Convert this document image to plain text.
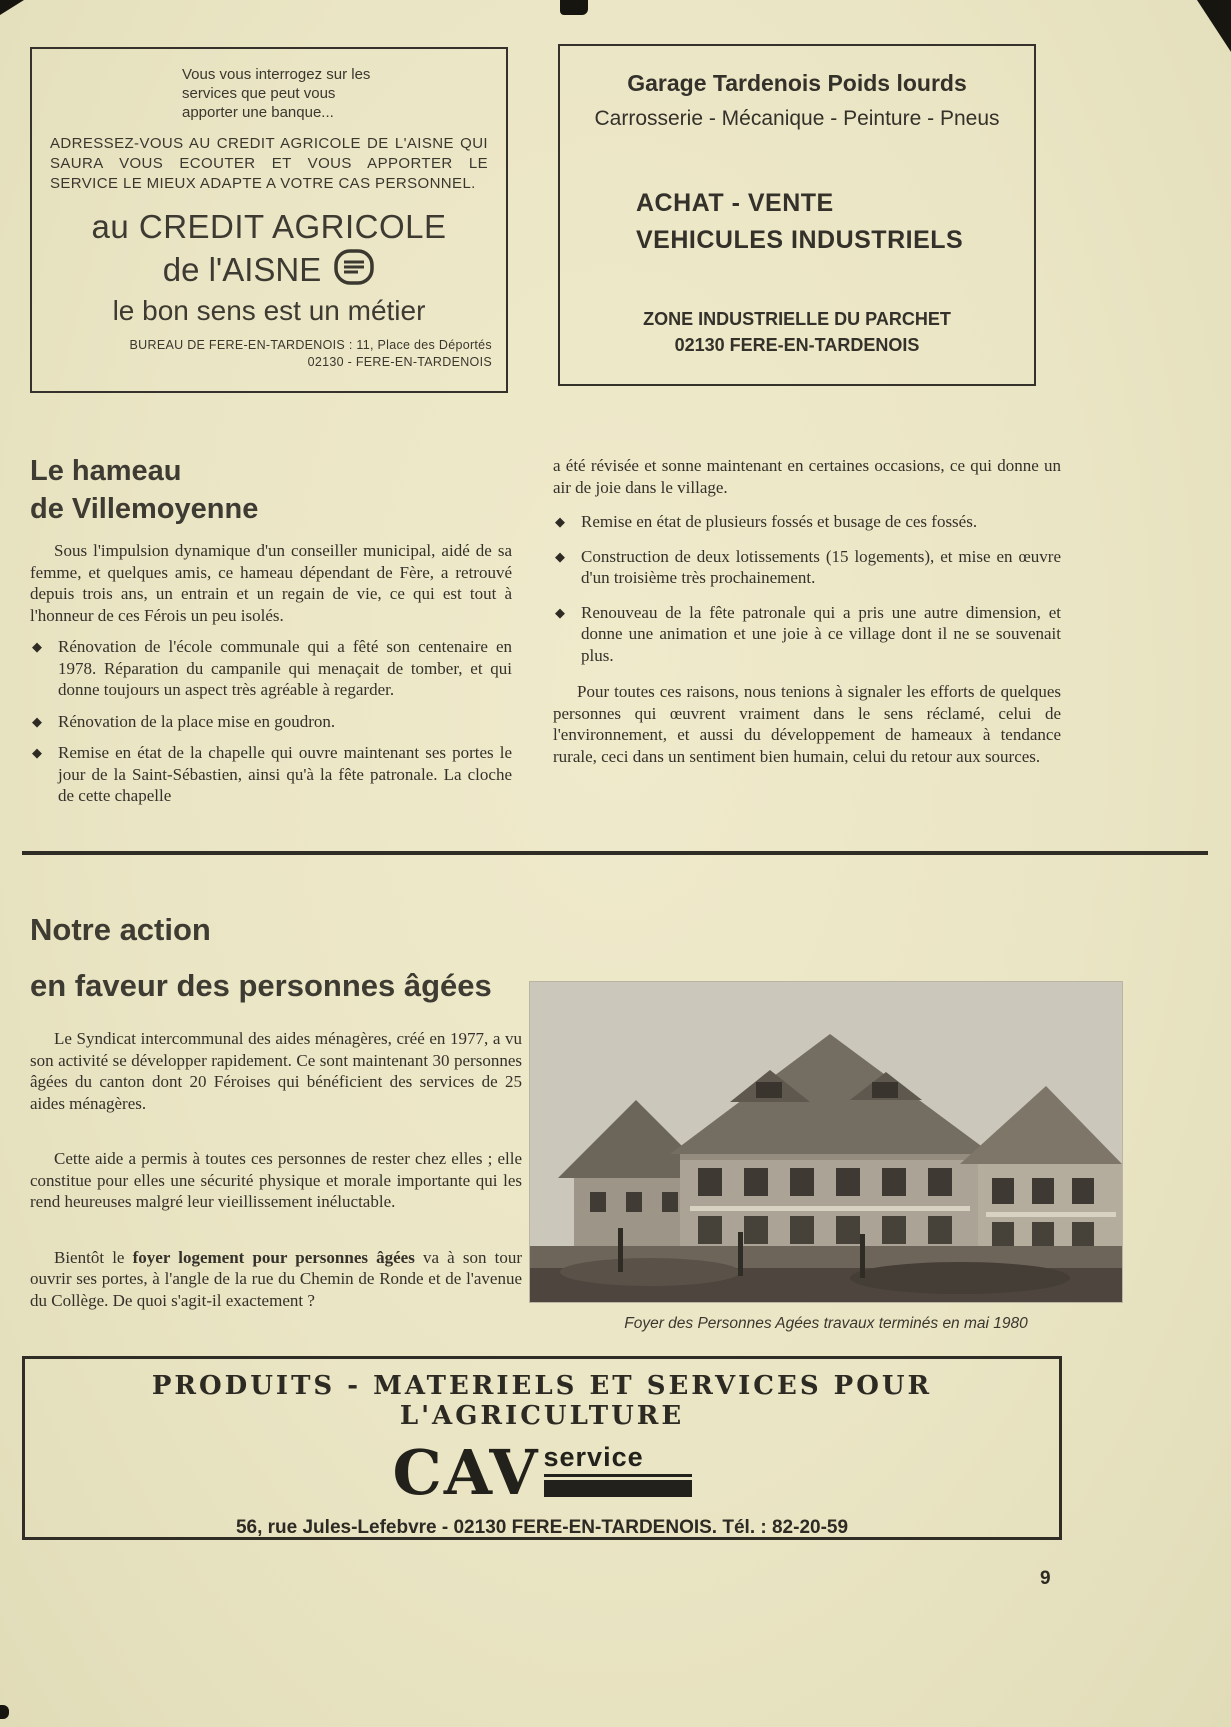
Vous vous interrogez sur les services que peut vous apporter une banque...
ADRESSEZ-VOUS AU CREDIT AGRICOLE DE L'AISNE QUI SAURA VOUS ECOUTER ET VOUS APPORTER LE SERVICE LE MIEUX ADAPTE A VOTRE CAS PERSONNEL.
au CREDIT AGRICOLE
de l'AISNE
le bon sens est un métier
BUREAU DE FERE-EN-TARDENOIS : 11, Place des Déportés
02130 - FERE-EN-TARDENOIS
Garage Tardenois Poids lourds
Carrosserie - Mécanique - Peinture - Pneus
ACHAT - VENTE
VEHICULES INDUSTRIELS
ZONE INDUSTRIELLE DU PARCHET
02130 FERE-EN-TARDENOIS
Le hameau
de Villemoyenne

Sous l'impulsion dynamique d'un conseiller municipal, aidé de sa femme, et quelques amis, ce hameau dépendant de Fère, a retrouvé depuis trois ans, un entrain et un regain de vie, ce qui est tout à l'honneur de ces Férois un peu isolés.

◆ Rénovation de l'école communale qui a fêté son centenaire en 1978. Réparation du campanile qui menaçait de tomber, et qui donne toujours un aspect très agréable à regarder.
◆ Rénovation de la place mise en goudron.
◆ Remise en état de la chapelle qui ouvre maintenant ses portes le jour de la Saint-Sébastien, ainsi qu'à la fête patronale. La cloche de cette chapelle

a été révisée et sonne maintenant en certaines occasions, ce qui donne un air de joie dans le village.

◆ Remise en état de plusieurs fossés et busage de ces fossés.
◆ Construction de deux lotissements (15 logements), et mise en œuvre d'un troisième très prochainement.
◆ Renouveau de la fête patronale qui a pris une autre dimension, et donne une animation et une joie à ce village dont il ne se souvenait plus.

Pour toutes ces raisons, nous tenions à signaler les efforts de quelques personnes qui œuvrent vraiment dans le sens réclamé, celui de l'environnement, et aussi du développement de hameaux à tendance rurale, ceci dans un sentiment bien humain, celui du retour aux sources.

Notre action
en faveur des personnes âgées

Le Syndicat intercommunal des aides ménagères, créé en 1977, a vu son activité se développer rapidement. Ce sont maintenant 30 personnes âgées du canton dont 20 Féroises qui bénéficient des services de 25 aides ménagères.

Cette aide a permis à toutes ces personnes de rester chez elles ; elle constitue pour elles une sécurité physique et morale importante qui les rend heureuses malgré leur vieillissement inéluctable.

Bientôt le foyer logement pour personnes âgées va à son tour ouvrir ses portes, à l'angle de la rue du Chemin de Ronde et de l'avenue du Collège. De quoi s'agit-il exactement ?

Foyer des Personnes Agées travaux terminés en mai 1980
PRODUITS - MATERIELS ET SERVICES POUR L'AGRICULTURE
CAV service
56, rue Jules-Lefebvre - 02130 FERE-EN-TARDENOIS. Tél. : 82-20-59
9
